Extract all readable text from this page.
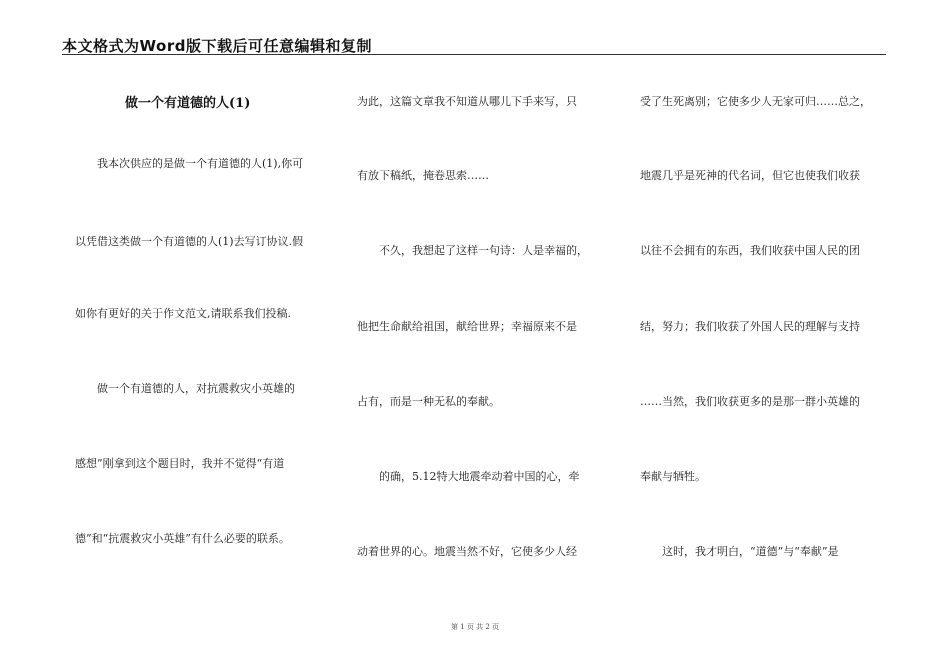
本文格式为Word版下载后可任意编辑和复制
做一个有道德的人(1)
　　我本次供应的是做一个有道德的人(1),你可
以凭借这类做一个有道德的人(1)去写订协议.假
如你有更好的关于作文范文,请联系我们投稿.
　　做一个有道德的人，对抗震救灾小英雄的
感想”刚拿到这个题目时，我并不觉得“有道
德”和“抗震救灾小英雄”有什么必要的联系。
为此，这篇文章我不知道从哪儿下手来写，只
有放下稿纸，掩卷思索……
　　不久，我想起了这样一句诗：人是幸福的，
他把生命献给祖国，献给世界；幸福原来不是
占有，而是一种无私的奉献。
　　的确，5.12特大地震牵动着中国的心，牵
动着世界的心。地震当然不好，它使多少人经
受了生死离别；它使多少人无家可归……总之，
地震几乎是死神的代名词，但它也使我们收获
以往不会拥有的东西，我们收获中国人民的团
结，努力；我们收获了外国人民的理解与支持
……当然，我们收获更多的是那一群小英雄的
奉献与牺牲。
　　这时，我才明白，“道德”与“奉献”是
第 1 页 共 2 页
